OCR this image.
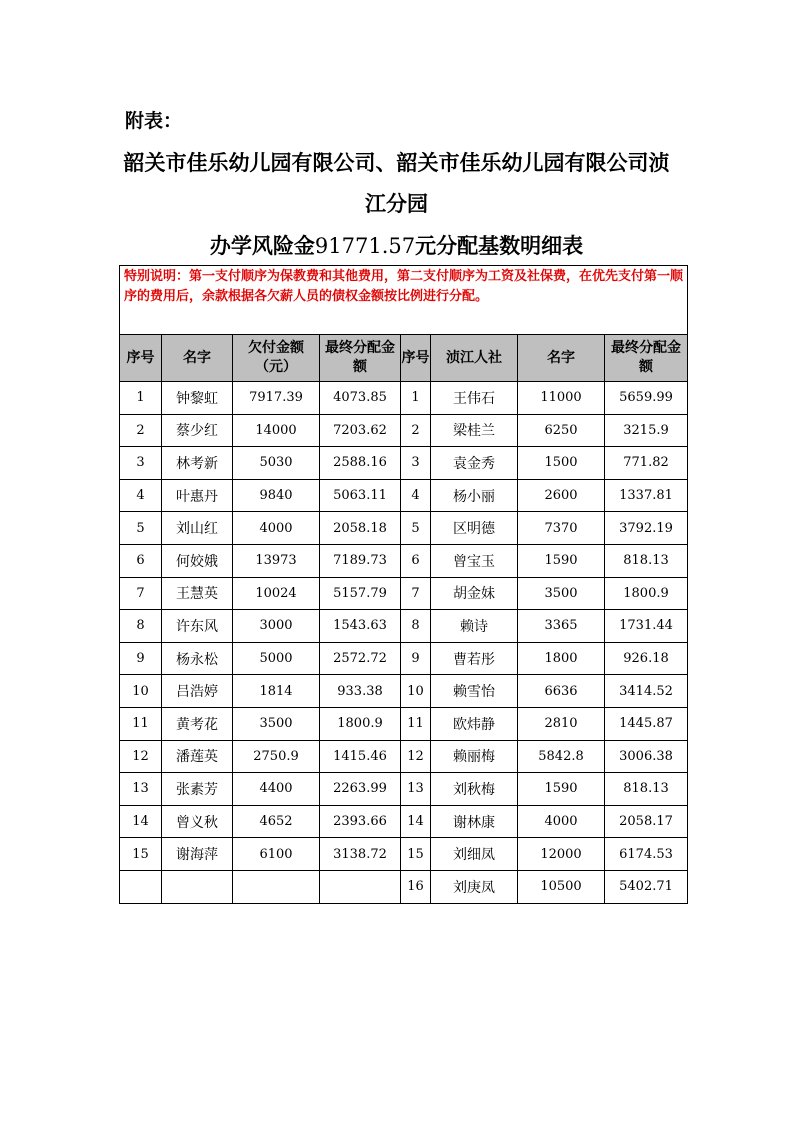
附表：
韶关市佳乐幼儿园有限公司、韶关市佳乐幼儿园有限公司浈
江分园
办学风险金91771.57元分配基数明细表
特别说明：第一支付顺序为保教费和其他费用，第二支付顺序为工资及社保费，在优先支付第一顺序的费用后，余款根据各欠薪人员的债权金额按比例进行分配。							
序号	名字	欠付金额（元）	最终分配金额	序号	浈江人社	名字	最终分配金额
1	钟黎虹	7917.39	4073.85	1	王伟石	11000	5659.99
2	蔡少红	14000	7203.62	2	梁桂兰	6250	3215.9
3	林考新	5030	2588.16	3	袁金秀	1500	771.82
4	叶惠丹	9840	5063.11	4	杨小丽	2600	1337.81
5	刘山红	4000	2058.18	5	区明德	7370	3792.19
6	何姣娥	13973	7189.73	6	曾宝玉	1590	818.13
7	王慧英	10024	5157.79	7	胡金妹	3500	1800.9
8	许东风	3000	1543.63	8	赖诗	3365	1731.44
9	杨永松	5000	2572.72	9	曹若彤	1800	926.18
10	吕浩婷	1814	933.38	10	赖雪怡	6636	3414.52
11	黄考花	3500	1800.9	11	欧炜静	2810	1445.87
12	潘莲英	2750.9	1415.46	12	赖丽梅	5842.8	3006.38
13	张素芳	4400	2263.99	13	刘秋梅	1590	818.13
14	曾义秋	4652	2393.66	14	谢林康	4000	2058.17
15	谢海萍	6100	3138.72	15	刘细凤	12000	6174.53
				16	刘庚凤	10500	5402.71
